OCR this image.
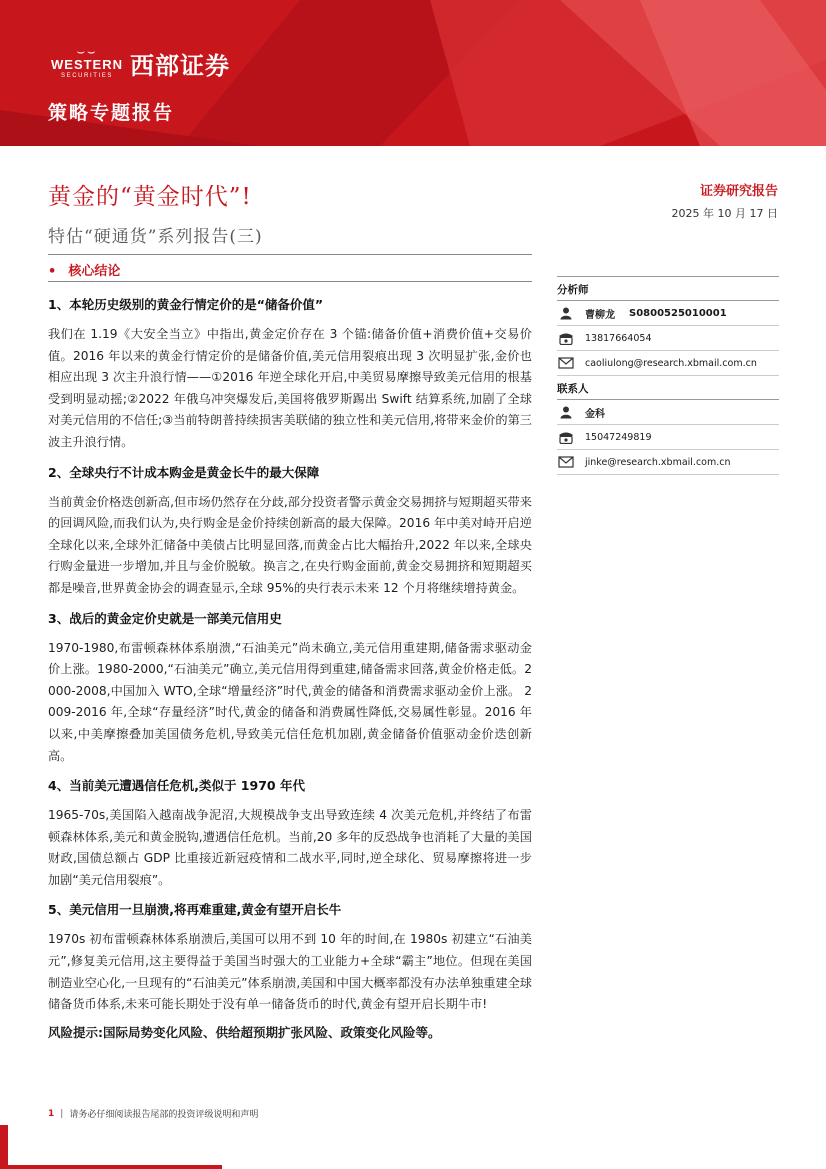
⌣⌣
WESTERN
SECURITIES 西部证券
策略专题报告
黄金的“黄金时代”!
特估“硬通货”系列报告(三)
证券研究报告
2025 年 10 月 17 日
• 核心结论
1、本轮历史级别的黄金行情定价的是“储备价值”
我们在 1.19《大安全当立》中指出,黄金定价存在 3 个锚:储备价值+消费价值+交易价值。2016 年以来的黄金行情定价的是储备价值,美元信用裂痕出现 3 次明显扩张,金价也相应出现 3 次主升浪行情——①2016 年逆全球化开启,中美贸易摩擦导致美元信用的根基受到明显动摇;②2022 年俄乌冲突爆发后,美国将俄罗斯踢出 Swift 结算系统,加剧了全球对美元信用的不信任;③当前特朗普持续损害美联储的独立性和美元信用,将带来金价的第三波主升浪行情。
2、全球央行不计成本购金是黄金长牛的最大保障
当前黄金价格迭创新高,但市场仍然存在分歧,部分投资者警示黄金交易拥挤与短期超买带来的回调风险,而我们认为,央行购金是金价持续创新高的最大保障。2016 年中美对峙开启逆全球化以来,全球外汇储备中美债占比明显回落,而黄金占比大幅抬升,2022 年以来,全球央行购金量进一步增加,并且与金价脱敏。换言之,在央行购金面前,黄金交易拥挤和短期超买都是噪音,世界黄金协会的调查显示,全球 95%的央行表示未来 12 个月将继续增持黄金。
3、战后的黄金定价史就是一部美元信用史
1970-1980,布雷顿森林体系崩溃,“石油美元”尚未确立,美元信用重建期,储备需求驱动金价上涨。1980-2000,“石油美元”确立,美元信用得到重建,储备需求回落,黄金价格走低。2000-2008,中国加入 WTO,全球“增量经济”时代,黄金的储备和消费需求驱动金价上涨。 2009-2016 年,全球“存量经济”时代,黄金的储备和消费属性降低,交易属性彰显。2016 年以来,中美摩擦叠加美国债务危机,导致美元信任危机加剧,黄金储备价值驱动金价迭创新高。
4、当前美元遭遇信任危机,类似于 1970 年代
1965-70s,美国陷入越南战争泥沼,大规模战争支出导致连续 4 次美元危机,并终结了布雷顿森林体系,美元和黄金脱钩,遭遇信任危机。当前,20 多年的反恐战争也消耗了大量的美国财政,国债总额占 GDP 比重接近新冠疫情和二战水平,同时,逆全球化、贸易摩擦将进一步加剧“美元信用裂痕”。
5、美元信用一旦崩溃,将再难重建,黄金有望开启长牛
1970s 初布雷顿森林体系崩溃后,美国可以用不到 10 年的时间,在 1980s 初建立“石油美元”,修复美元信用,这主要得益于美国当时强大的工业能力+全球“霸主”地位。但现在美国制造业空心化,一旦现有的“石油美元”体系崩溃,美国和中国大概率都没有办法单独重建全球储备货币体系,未来可能长期处于没有单一储备货币的时代,黄金有望开启长期牛市!
风险提示:国际局势变化风险、供给超预期扩张风险、政策变化风险等。
分析师
曹柳龙 S0800525010001
13817664054
caoliulong@research.xbmail.com.cn
联系人
金科
15047249819
jinke@research.xbmail.com.cn
1 | 请务必仔细阅读报告尾部的投资评级说明和声明
